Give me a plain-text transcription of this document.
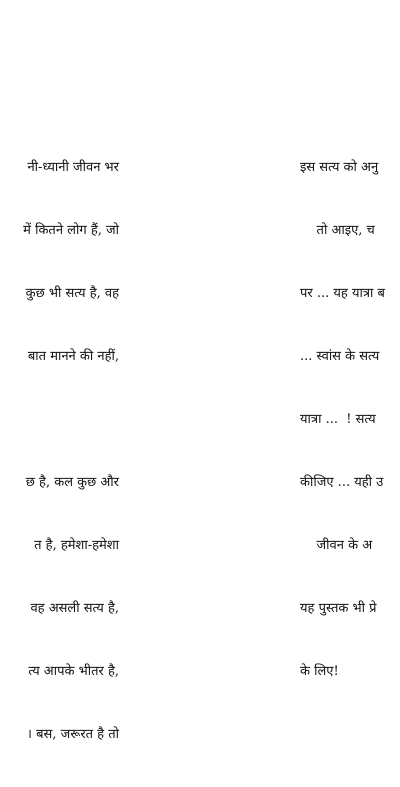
नी-ध्यानी जीवन भर

में कितने लोग हैं, जो

कुछ भी सत्य है, वह

बात मानने की नहीं,

छ है, कल कुछ और

त है, हमेशा-हमेशा

वह असली सत्य है,

त्य आपके भीतर है,

। बस, जरूरत है तो

इस सत्य को अनु

तो आइए, च

पर ... यह यात्रा ब

... स्वांस के सत्य

यात्रा ...  ! सत्य

कीजिए ... यही उ

जीवन के अ

यह पुस्तक भी प्रे

के लिए!
